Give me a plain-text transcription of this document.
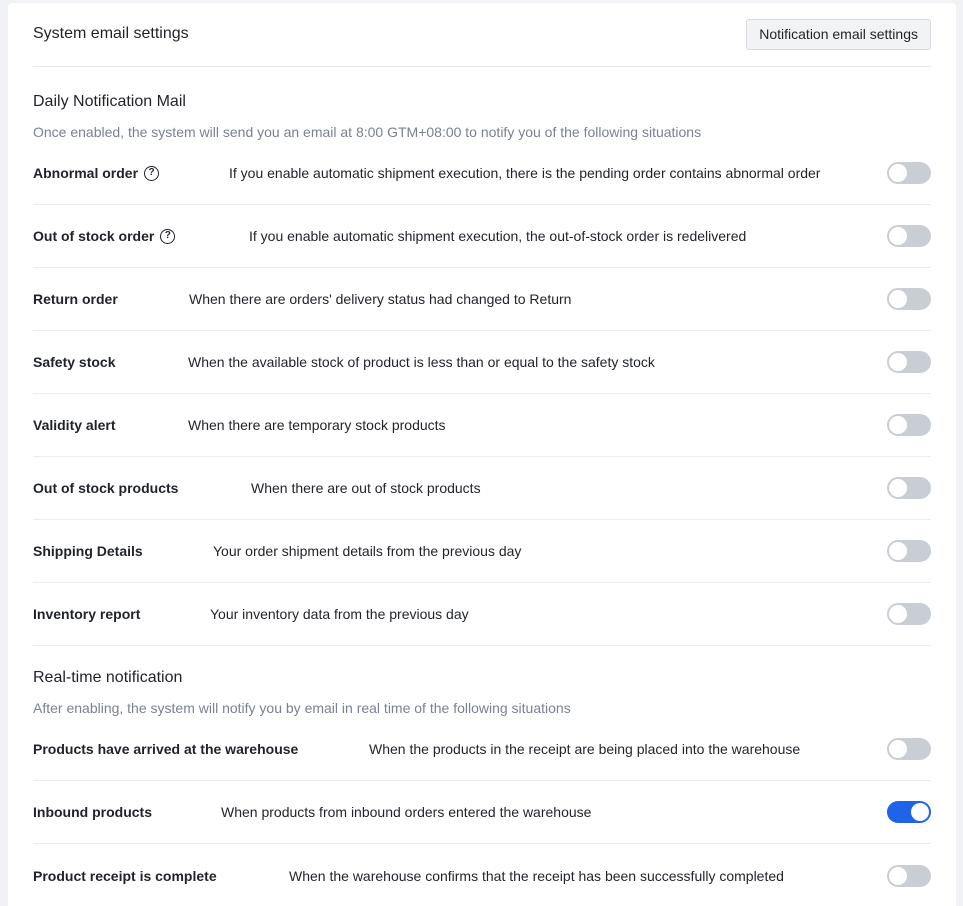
System email settings	Notification email settings
Daily Notification Mail
Once enabled, the system will send you an email at 8:00 GTM+08:00 to notify you of the following situations
Abnormal order	?	If you enable automatic shipment execution, there is the pending order contains abnormal order
Out of stock order	?	If you enable automatic shipment execution, the out-of-stock order is redelivered
Return order	When there are orders' delivery status had changed to Return
Safety stock	When the available stock of product is less than or equal to the safety stock
Validity alert	When there are temporary stock products
Out of stock products	When there are out of stock products
Shipping Details	Your order shipment details from the previous day
Inventory report	Your inventory data from the previous day
Real-time notification
After enabling, the system will notify you by email in real time of the following situations
Products have arrived at the warehouse	When the products in the receipt are being placed into the warehouse
Inbound products	When products from inbound orders entered the warehouse
Product receipt is complete	When the warehouse confirms that the receipt has been successfully completed
